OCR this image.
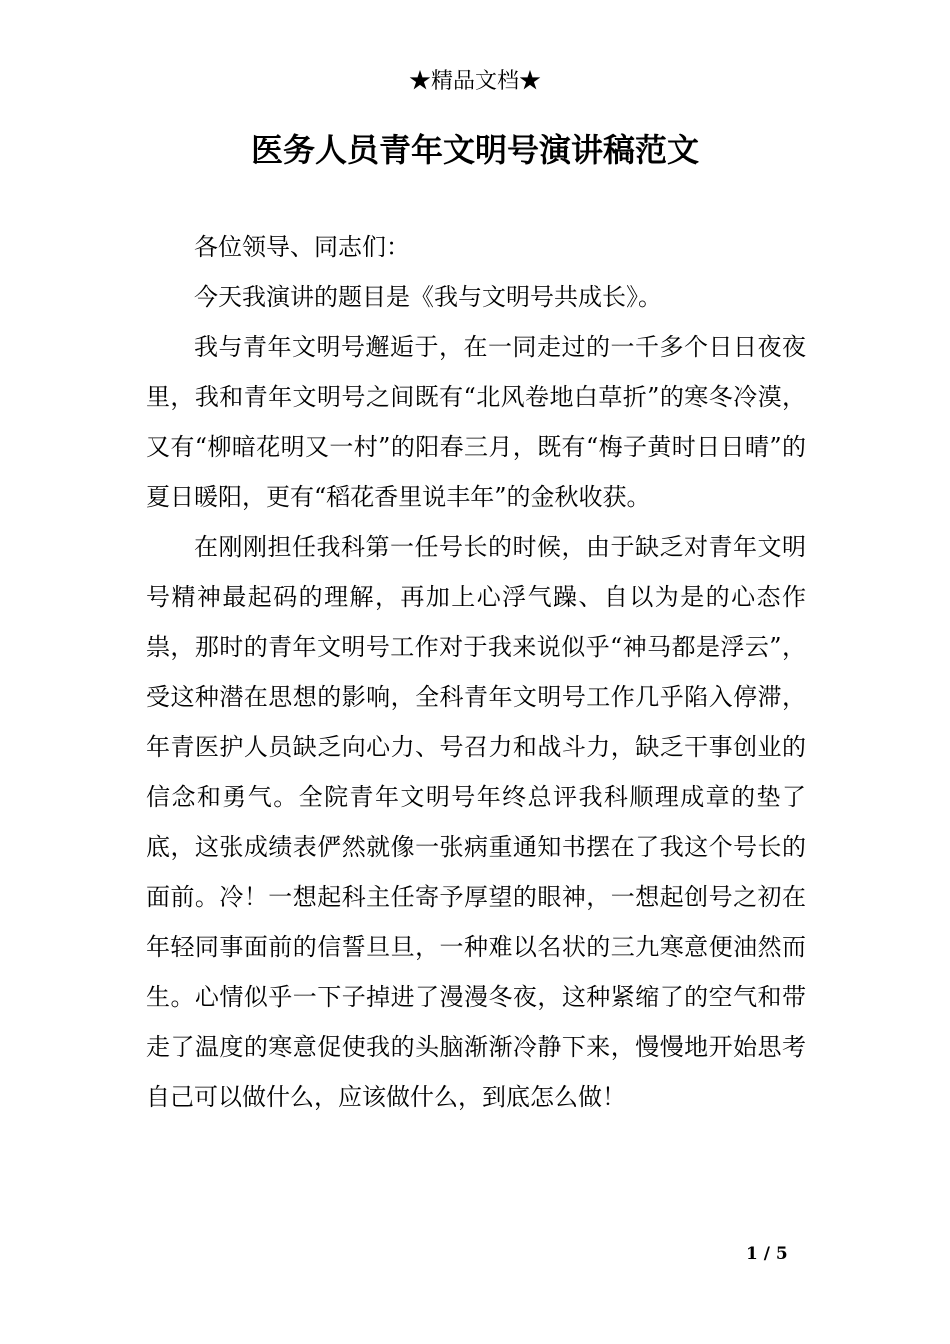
★精品文档★
医务人员青年文明号演讲稿范文

各位领导、同志们：

今天我演讲的题目是《我与文明号共成长》。

我与青年文明号邂逅于，在一同走过的一千多个日日夜夜里，我和青年文明号之间既有“北风卷地白草折”的寒冬冷漠，又有“柳暗花明又一村”的阳春三月，既有“梅子黄时日日晴”的夏日暖阳，更有“稻花香里说丰年”的金秋收获。

在刚刚担任我科第一任号长的时候，由于缺乏对青年文明号精神最起码的理解，再加上心浮气躁、自以为是的心态作祟，那时的青年文明号工作对于我来说似乎“神马都是浮云”，受这种潜在思想的影响，全科青年文明号工作几乎陷入停滞，年青医护人员缺乏向心力、号召力和战斗力，缺乏干事创业的信念和勇气。全院青年文明号年终总评我科顺理成章的垫了底，这张成绩表俨然就像一张病重通知书摆在了我这个号长的面前。冷！一想起科主任寄予厚望的眼神，一想起创号之初在年轻同事面前的信誓旦旦，一种难以名状的三九寒意便油然而生。心情似乎一下子掉进了漫漫冬夜，这种紧缩了的空气和带走了温度的寒意促使我的头脑渐渐冷静下来，慢慢地开始思考自己可以做什么，应该做什么，到底怎么做！

1 / 5
